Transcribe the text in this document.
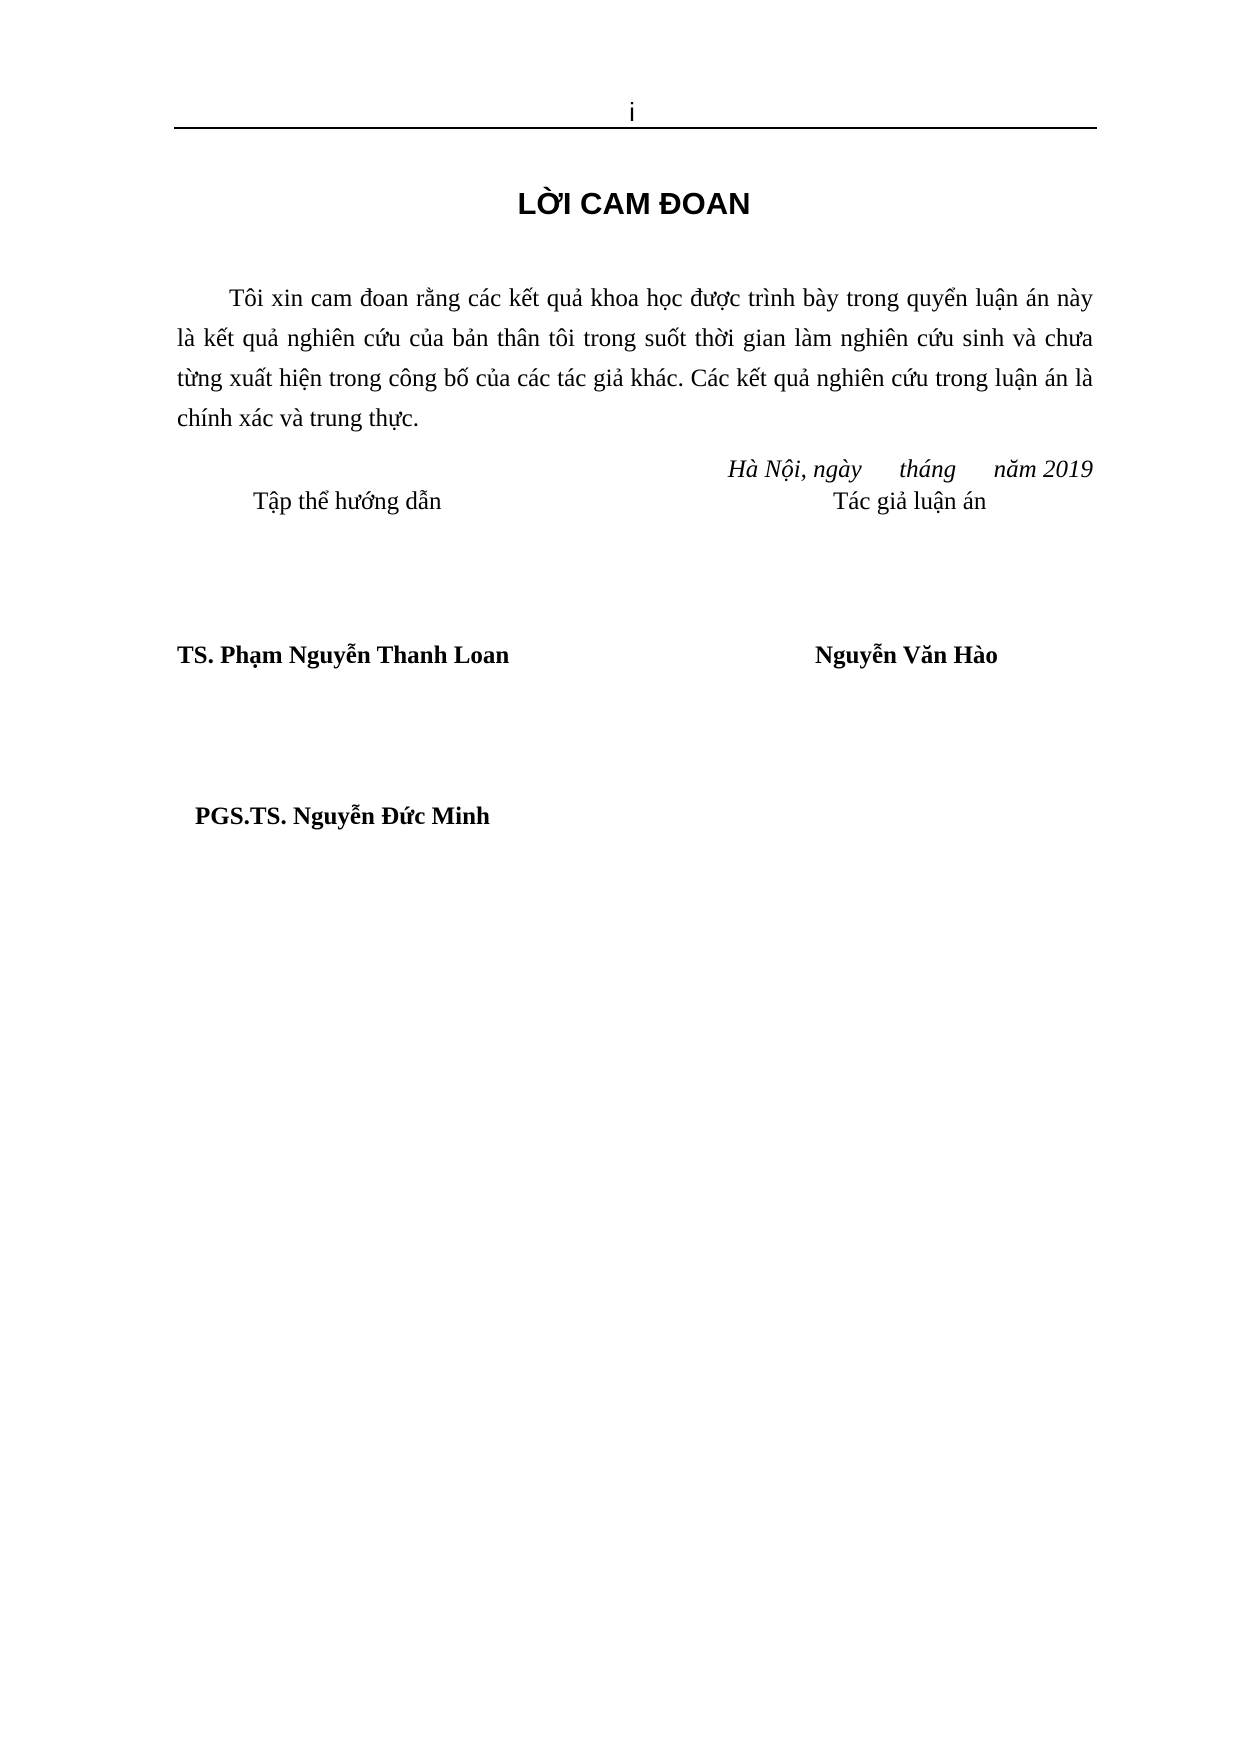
i
LỜI CAM ĐOAN

Tôi xin cam đoan rằng các kết quả khoa học được trình bày trong quyển luận án này là kết quả nghiên cứu của bản thân tôi trong suốt thời gian làm nghiên cứu sinh và chưa từng xuất hiện trong công bố của các tác giả khác. Các kết quả nghiên cứu trong luận án là chính xác và trung thực.

Hà Nội, ngày      tháng      năm 2019

Tập thể hướng dẫn	Tác giả luận án

TS. Phạm Nguyễn Thanh Loan	Nguyễn Văn Hào

PGS.TS. Nguyễn Đức Minh
